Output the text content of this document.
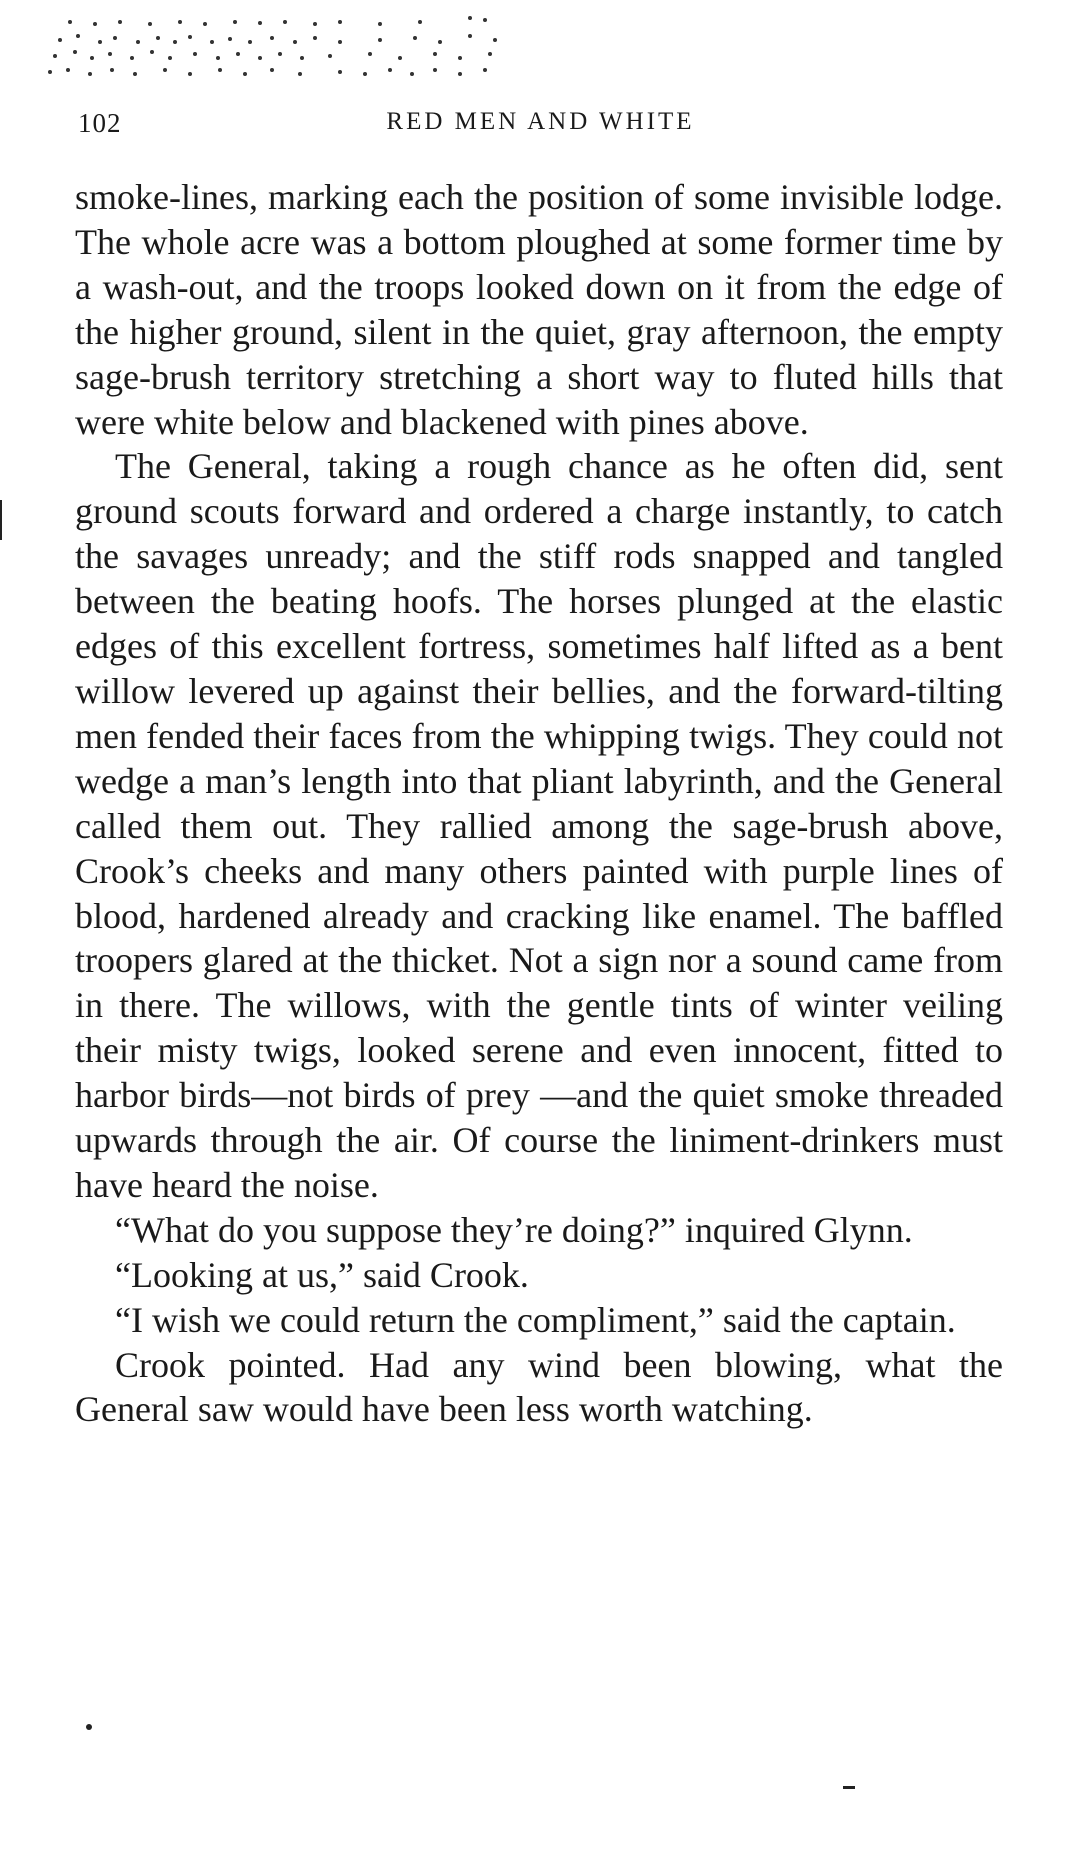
102	RED MEN AND WHITE

smoke-lines, marking each the position of some invisible lodge. The whole acre was a bottom ploughed at some former time by a wash-out, and the troops looked down on it from the edge of the higher ground, silent in the quiet, gray afternoon, the empty sage-brush territory stretching a short way to fluted hills that were white below and blackened with pines above.

The General, taking a rough chance as he often did, sent ground scouts forward and ordered a charge instantly, to catch the savages unready; and the stiff rods snapped and tangled between the beating hoofs. The horses plunged at the elastic edges of this excellent fortress, sometimes half lifted as a bent willow levered up against their bellies, and the forward-tilting men fended their faces from the whipping twigs. They could not wedge a man’s length into that pliant labyrinth, and the General called them out. They rallied among the sage-brush above, Crook’s cheeks and many others painted with purple lines of blood, hardened already and cracking like enamel. The baffled troopers glared at the thicket. Not a sign nor a sound came from in there. The willows, with the gentle tints of winter veiling their misty twigs, looked serene and even innocent, fitted to harbor birds—not birds of prey —and the quiet smoke threaded upwards through the air. Of course the liniment-drinkers must have heard the noise.

“What do you suppose they’re doing?” inquired Glynn.

“Looking at us,” said Crook.

“I wish we could return the compliment,” said the captain.

Crook pointed. Had any wind been blowing, what the General saw would have been less worth watching.
